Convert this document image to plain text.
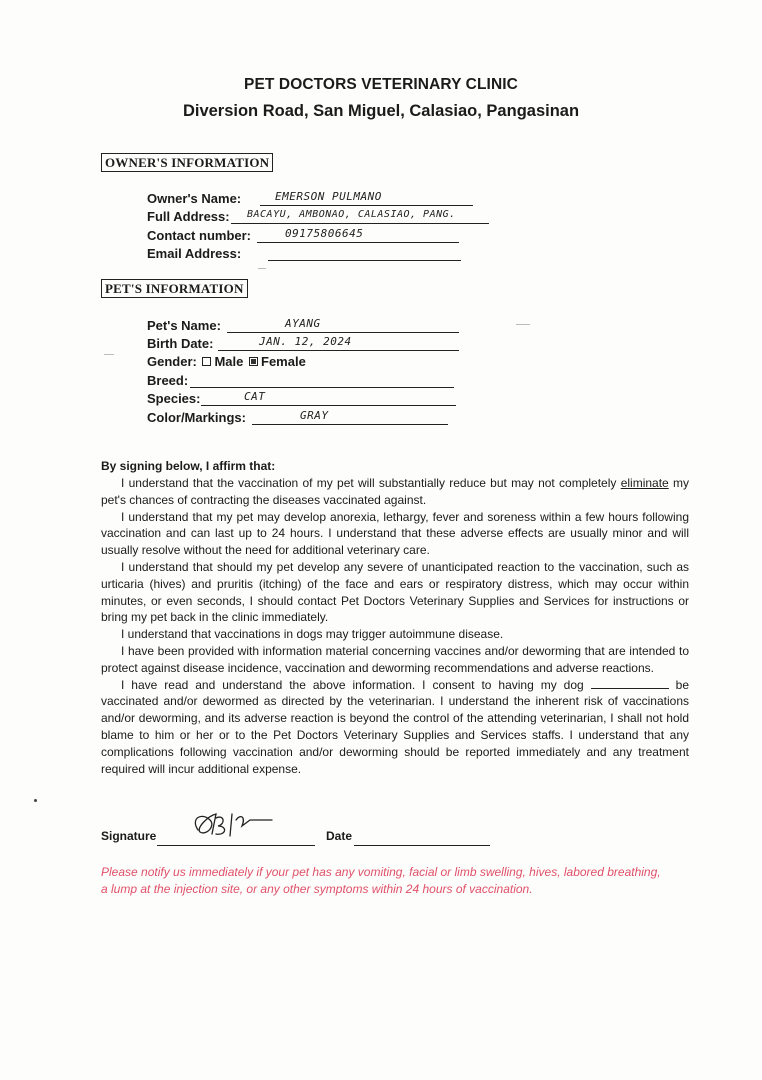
PET DOCTORS VETERINARY CLINIC
Diversion Road, San Miguel, Calasiao, Pangasinan
OWNER'S INFORMATION
Owner's Name:	EMERSON PULMANO
Full Address: BACAYU, AMBONAO, CALASIAO, PANG.
Contact number:	09175806645
Email Address:
PET'S INFORMATION
Pet's Name:	AYANG
Birth Date:	JAN. 12, 2024
Gender: Male Female
Breed:
Species:	CAT
Color/Markings:	GRAY
By signing below, I affirm that:

I understand that the vaccination of my pet will substantially reduce but may not completely eliminate my pet's chances of contracting the diseases vaccinated against.

I understand that my pet may develop anorexia, lethargy, fever and soreness within a few hours following vaccination and can last up to 24 hours. I understand that these adverse effects are usually minor and will usually resolve without the need for additional veterinary care.

I understand that should my pet develop any severe of unanticipated reaction to the vaccination, such as urticaria (hives) and pruritis (itching) of the face and ears or respiratory distress, which may occur within minutes, or even seconds, I should contact Pet Doctors Veterinary Supplies and Services for instructions or bring my pet back in the clinic immediately.

I understand that vaccinations in dogs may trigger autoimmune disease.

I have been provided with information material concerning vaccines and/or deworming that are intended to protect against disease incidence, vaccination and deworming recommendations and adverse reactions.

I have read and understand the above information. I consent to having my dog	be vaccinated and/or dewormed as directed by the veterinarian. I understand the inherent risk of vaccinations and/or deworming, and its adverse reaction is beyond the control of the attending veterinarian, I shall not hold blame to him or her or to the Pet Doctors Veterinary Supplies and Services staffs. I understand that any complications following vaccination and/or deworming should be reported immediately and any treatment required will incur additional expense.

Signature	Date
Please notify us immediately if your pet has any vomiting, facial or limb swelling, hives, labored breathing, a lump at the injection site, or any other symptoms within 24 hours of vaccination.
